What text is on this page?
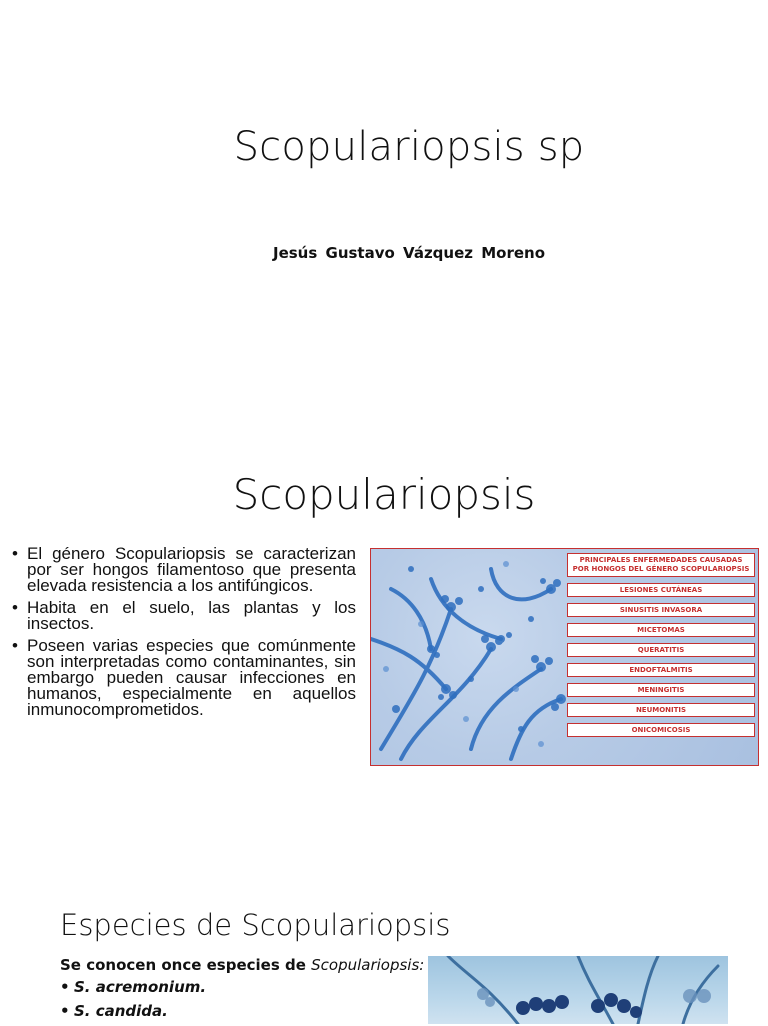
Scopulariopsis sp
Jesús Gustavo Vázquez Moreno
Scopulariopsis
• El género Scopulariopsis se caracterizan por ser hongos filamentoso que presenta elevada resistencia a los antifúngicos.
• Habita en el suelo, las plantas y los insectos.
• Poseen varias especies que comúnmente son interpretadas como contaminantes, sin embargo pueden causar infecciones en humanos, especialmente en aquellos inmunocomprometidos.
PRINCIPALES ENFERMEDADES CAUSADAS
POR HONGOS DEL GÉNERO SCOPULARIOPSIS
LESIONES CUTÁNEAS
SINUSITIS INVASORA
MICETOMAS
QUERATITIS
ENDOFTALMITIS
MENINGITIS
NEUMONITIS
ONICOMICOSIS
Especies de Scopulariopsis
Se conocen once especies de Scopulariopsis:
• S. acremonium.
• S. candida.
